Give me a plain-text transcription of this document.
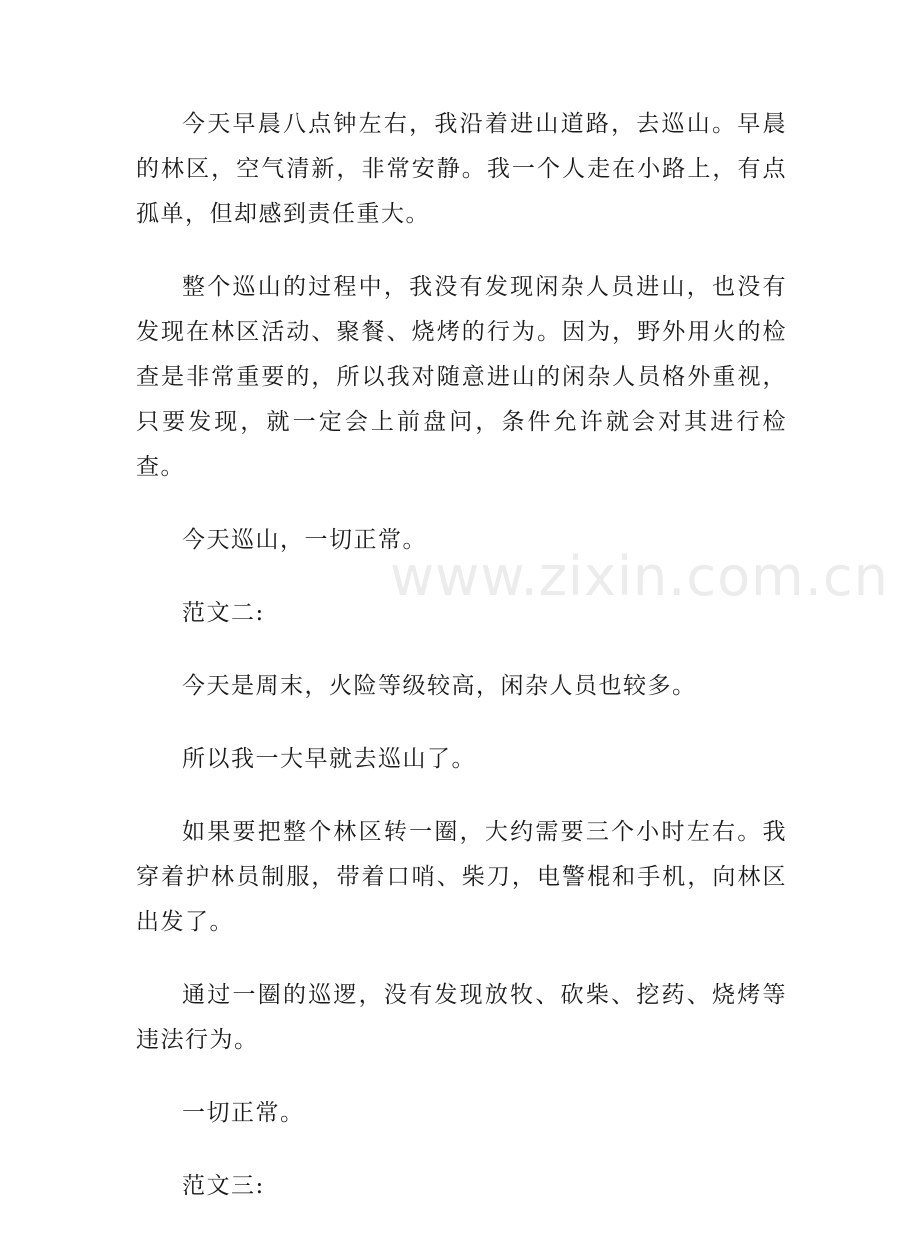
今天早晨八点钟左右，我沿着进山道路，去巡山。早晨的林区，空气清新，非常安静。我一个人走在小路上，有点孤单，但却感到责任重大。

整个巡山的过程中，我没有发现闲杂人员进山，也没有发现在林区活动、聚餐、烧烤的行为。因为，野外用火的检查是非常重要的，所以我对随意进山的闲杂人员格外重视，只要发现，就一定会上前盘问，条件允许就会对其进行检查。

今天巡山，一切正常。

范文二:

今天是周末，火险等级较高，闲杂人员也较多。

所以我一大早就去巡山了。

如果要把整个林区转一圈，大约需要三个小时左右。我穿着护林员制服，带着口哨、柴刀，电警棍和手机，向林区出发了。

通过一圈的巡逻，没有发现放牧、砍柴、挖药、烧烤等违法行为。

一切正常。

范文三:

www.zixin.com.cn
